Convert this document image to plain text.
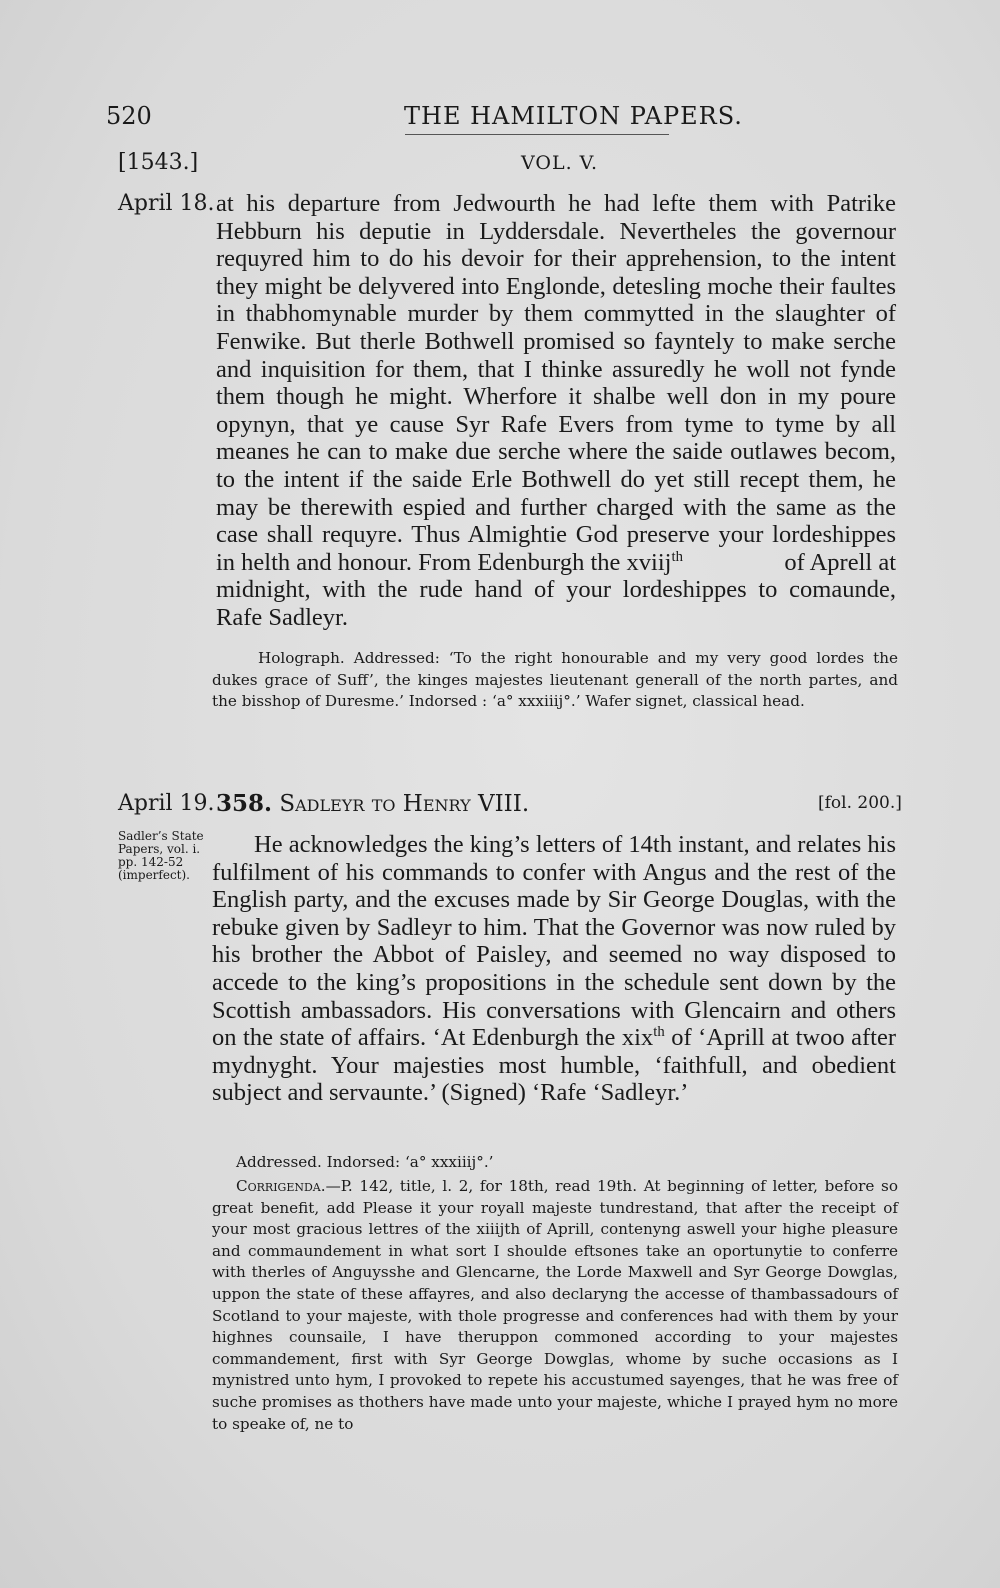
520	THE HAMILTON PAPERS.
[1543.]	VOL. V.
April 18. at his departure from Jedwourth he had lefte them with Patrike
Hebburn his deputie in Lyddersdale. Nevertheles the governour
requyred him to do his devoir for their apprehension, to the intent
they might be delyvered into Englonde, detesling moche their faultes
in thabhomynable murder by them commytted in the slaughter of
Fenwike. But therle Bothwell promised so fayntely to make serche
and inquisition for them, that I thinke assuredly he woll not fynde
them though he might. Wherfore it shalbe well don in my poure
opynyn, that ye cause Syr Rafe Evers from tyme to tyme by all
meanes he can to make due serche where the saide outlawes becom,
to the intent if the saide Erle Bothwell do yet still recept them, he
may be therewith espied and further charged with the same as the
case shall requyre. Thus Almightie God preserve your lordeshippes
in helth and honour. From Edenburgh the xviij$^{th}$	of Aprell at
midnight, with the rude hand of your lordeshippes to comaunde,
Rafe Sadleyr.

Holograph. Addressed: ‘To the right honourable and my very good lordes the dukes grace of Suff’, the kinges majestes lieutenant generall of the north partes, and the bisshop of Duresme.’ Indorsed : ‘a° xxxiiij°.’ Wafer signet, classical head.

April 19. 358. Sadleyr to Henry VIII.	[fol. 200.]
Sadler’s State Papers, vol. i. pp. 142-52 (imperfect).

He acknowledges the king’s letters of 14th instant, and relates his fulfilment of his commands to confer with Angus and the rest of the English party, and the excuses made by Sir George Douglas, with the rebuke given by Sadleyr to him. That the Governor was now ruled by his brother the Abbot of Paisley, and seemed no way disposed to accede to the king’s propositions in the schedule sent down by the Scottish ambassadors. His conversations with Glencairn and others on the state of affairs. ‘At Edenburgh the xix$^{th}$ of ‘Aprill at twoo after mydnyght. Your majesties most humble, ‘faithfull, and obedient subject and servaunte.’ (Signed) ‘Rafe ‘Sadleyr.’

Addressed. Indorsed: ‘a° xxxiiij°.’

Corrigenda.—P. 142, title, l. 2, for 18th, read 19th. At beginning of letter, before so great benefit, add Please it your royall majeste tundrestand, that after the receipt of your most gracious lettres of the xiiijth of Aprill, contenyng aswell your highe pleasure and commaundement in what sort I shoulde eftsones take an oportunytie to conferre with therles of Anguysshe and Glencarne, the Lorde Maxwell and Syr George Dowglas, uppon the state of these affayres, and also declaryng the accesse of thambassadours of Scotland to your majeste, with thole progresse and conferences had with them by your highnes counsaile, I have theruppon commoned according to your majestes commandement, first with Syr George Dowglas, whome by suche occasions as I mynistred unto hym, I provoked to repete his accustumed sayenges, that he was free of suche promises as thothers have made unto your majeste, whiche I prayed hym no more to speake of, ne to
